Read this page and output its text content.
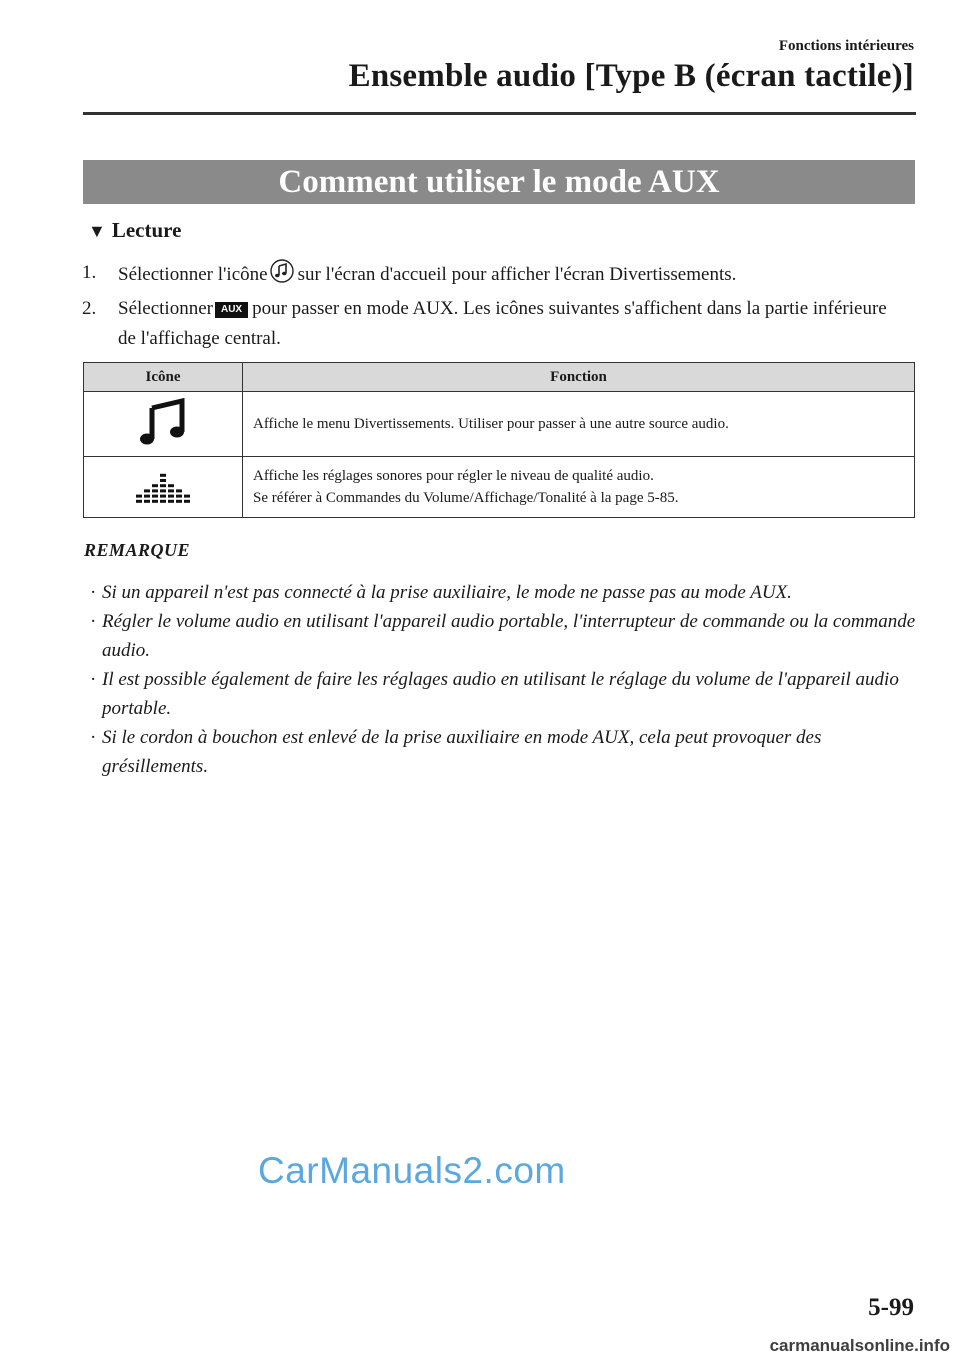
Fonctions intérieures
Ensemble audio [Type B (écran tactile)]
Comment utiliser le mode AUX
▼ Lecture
1.	Sélectionner l'icône sur l'écran d'accueil pour afficher l'écran Divertissements.
2.	Sélectionner AUX pour passer en mode AUX. Les icônes suivantes s'affichent dans la partie inférieure de l'affichage central.
Icône	Fonction

Affiche le menu Divertissements. Utiliser pour passer à une autre source audio.

Affiche les réglages sonores pour régler le niveau de qualité audio.
Se référer à Commandes du Volume/Affichage/Tonalité à la page 5-85.
REMARQUE
· Si un appareil n'est pas connecté à la prise auxiliaire, le mode ne passe pas au mode AUX.
· Régler le volume audio en utilisant l'appareil audio portable, l'interrupteur de commande ou la commande audio.
· Il est possible également de faire les réglages audio en utilisant le réglage du volume de l'appareil audio portable.
· Si le cordon à bouchon est enlevé de la prise auxiliaire en mode AUX, cela peut provoquer des grésillements.
CarManuals2.com
5-99
carmanualsonline.info
